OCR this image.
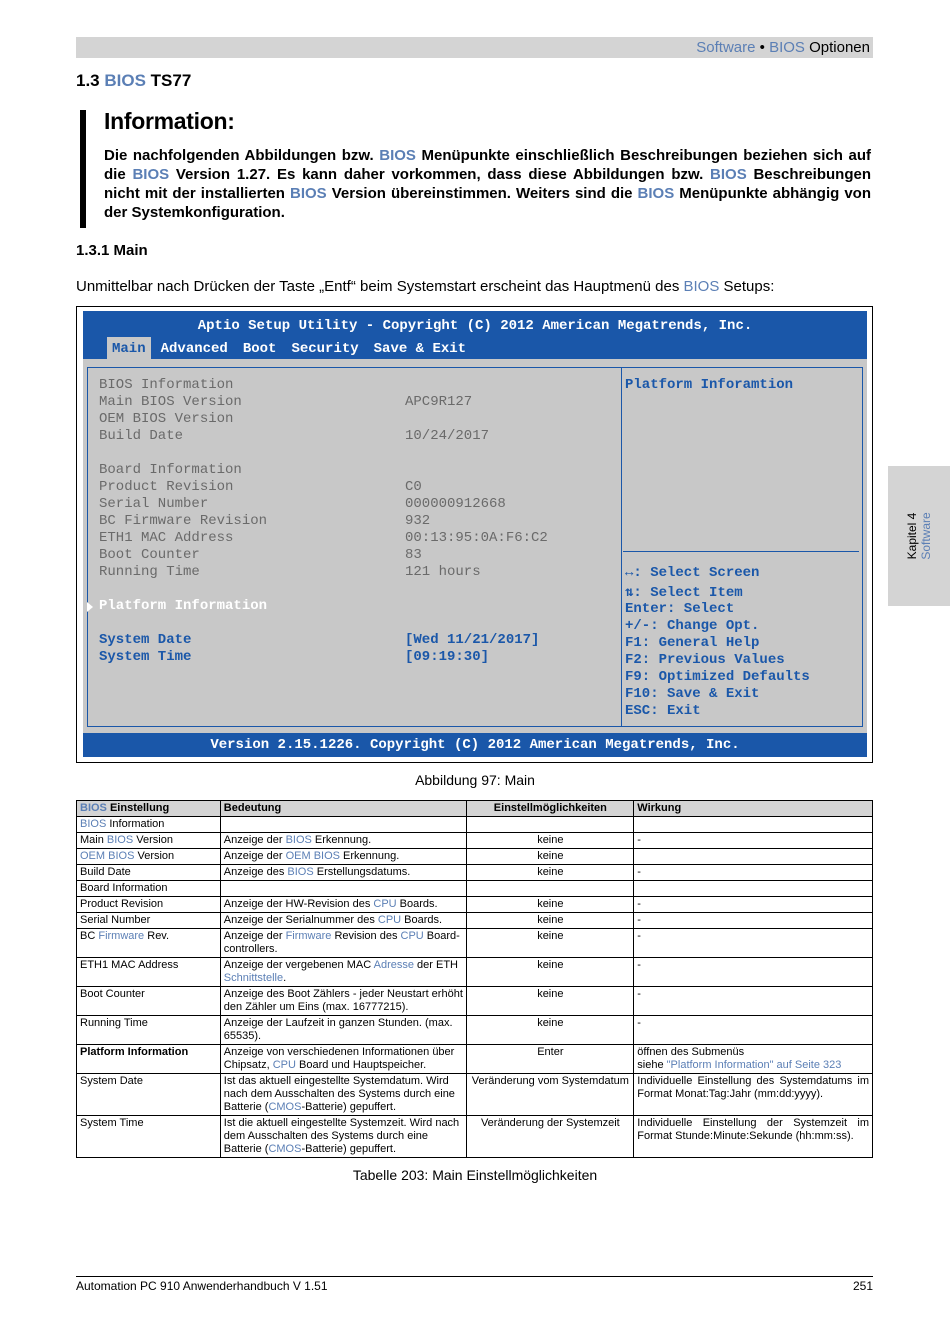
Software • BIOS Optionen
Kapitel 4 Software
1.3 BIOS TS77
Information:
Die nachfolgenden Abbildungen bzw. BIOS Menüpunkte einschließlich Beschreibungen beziehen sich auf die BIOS Version 1.27. Es kann daher vorkommen, dass diese Abbildungen bzw. BIOS Beschreibungen nicht mit der installierten BIOS Version übereinstimmen. Weiters sind die BIOS Menüpunkte abhängig von der Systemkonfiguration.
1.3.1 Main
Unmittelbar nach Drücken der Taste „Entf“ beim Systemstart erscheint das Hauptmenü des BIOS Setups:
Aptio Setup Utility - Copyright (C) 2012 American Megatrends, Inc.
Main	Advanced	Boot	Security	Save & Exit
BIOS Information
Main BIOS Version	APC9R127
OEM BIOS Version
Build Date	10/24/2017
Board Information
Product Revision	C0
Serial Number	000000912668
BC Firmware Revision	932
ETH1 MAC Address	00:13:95:0A:F6:C2
Boot Counter	83
Running Time	121 hours
Platform Information
System Date	[Wed 11/21/2017]
System Time	[09:19:30]
Platform Inforamtion
↔: Select Screen
⇅: Select Item
Enter: Select
+/-: Change Opt.
F1: General Help
F2: Previous Values
F9: Optimized Defaults
F10: Save & Exit
ESC: Exit
Version 2.15.1226. Copyright (C) 2012 American Megatrends, Inc.
Abbildung 97: Main
BIOS Einstellung	Bedeutung	Einstellmöglichkeiten	Wirkung
BIOS Information			
Main BIOS Version	Anzeige der BIOS Erkennung.	keine	-
OEM BIOS Version	Anzeige der OEM BIOS Erkennung.	keine	
Build Date	Anzeige des BIOS Erstellungsdatums.	keine	-
Board Information			
Product Revision	Anzeige der HW-Revision des CPU Boards.	keine	-
Serial Number	Anzeige der Serialnummer des CPU Boards.	keine	-
BC Firmware Rev.	Anzeige der Firmware Revision des CPU Board-controllers.	keine	-
ETH1 MAC Address	Anzeige der vergebenen MAC Adresse der ETH Schnittstelle.	keine	-
Boot Counter	Anzeige des Boot Zählers - jeder Neustart erhöht den Zähler um Eins (max. 16777215).	keine	-
Running Time	Anzeige der Laufzeit in ganzen Stunden. (max. 65535).	keine	-
Platform Information	Anzeige von verschiedenen Informationen über Chipsatz, CPU Board und Hauptspeicher.	Enter	öffnen des Submenüs
siehe "Platform Information" auf Seite 323
System Date	Ist das aktuell eingestellte Systemdatum. Wird nach dem Ausschalten des Systems durch eine Batterie (CMOS-Batterie) gepuffert.	Veränderung vom Systemdatum	Individuelle Einstellung des Systemdatums im Format Monat:Tag:Jahr (mm:dd:yyyy).
System Time	Ist die aktuell eingestellte Systemzeit. Wird nach dem Ausschalten des Systems durch eine Batterie (CMOS-Batterie) gepuffert.	Veränderung der Systemzeit	Individuelle Einstellung der Systemzeit im Format Stunde:Minute:Sekunde (hh:mm:ss).
Tabelle 203: Main Einstellmöglichkeiten
Automation PC 910 Anwenderhandbuch V 1.51	251
